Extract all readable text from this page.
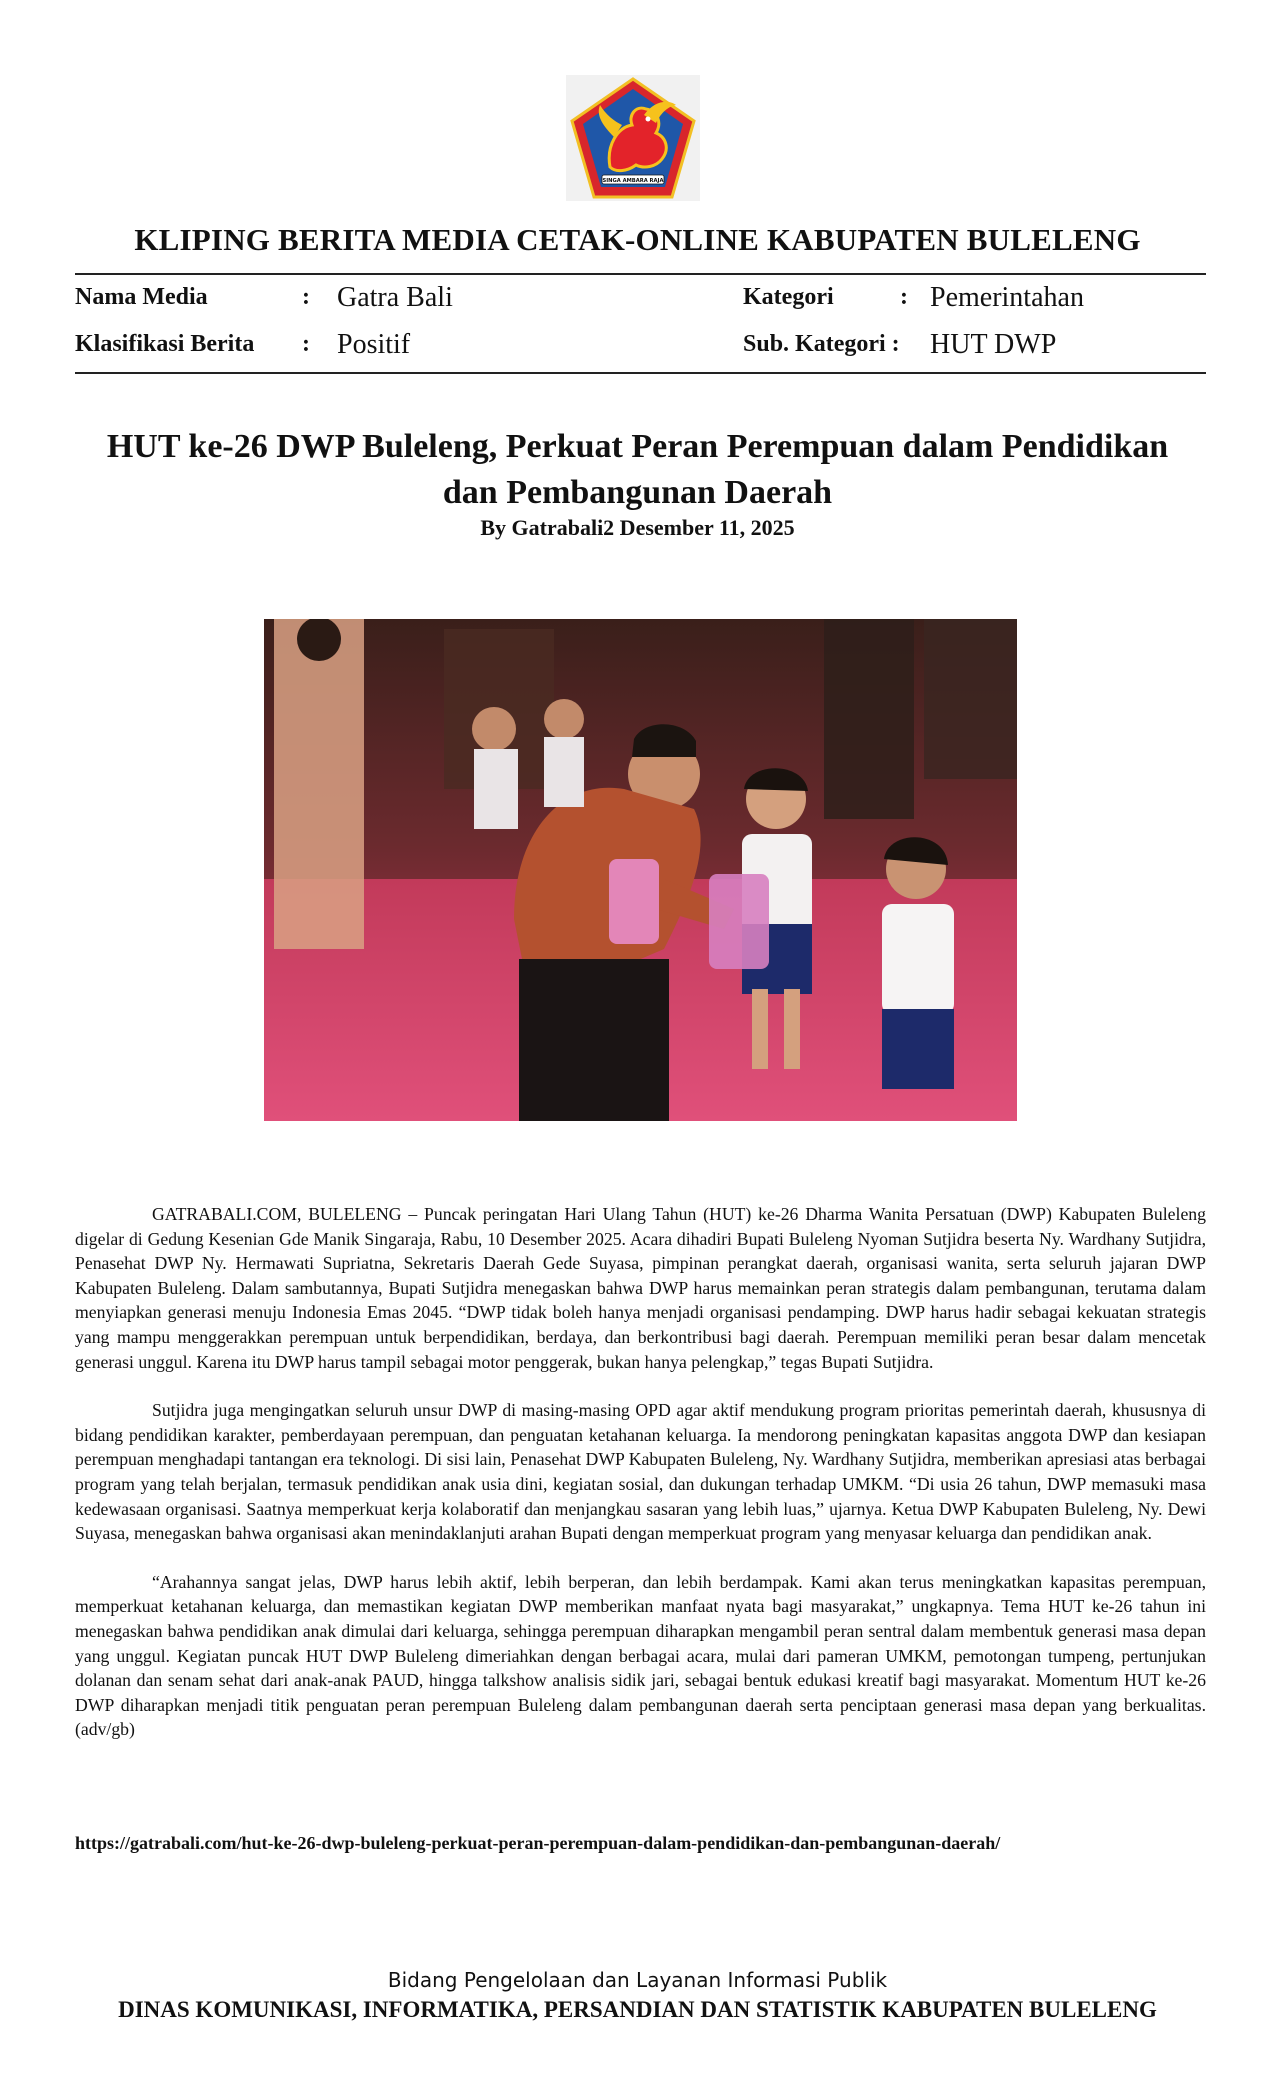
SINGA AMBARA RAJA
KLIPING BERITA MEDIA CETAK-ONLINE KABUPATEN BULELENG
Nama Media	: Gatra Bali	Kategori	: Pemerintahan
Klasifikasi Berita : Positif	Sub. Kategori : HUT DWP
HUT ke-26 DWP Buleleng, Perkuat Peran Perempuan dalam Pendidikan dan Pembangunan Daerah
By Gatrabali2 Desember 11, 2025

GATRABALI.COM, BULELENG – Puncak peringatan Hari Ulang Tahun (HUT) ke-26 Dharma Wanita Persatuan (DWP) Kabupaten Buleleng digelar di Gedung Kesenian Gde Manik Singaraja, Rabu, 10 Desember 2025. Acara dihadiri Bupati Buleleng Nyoman Sutjidra beserta Ny. Wardhany Sutjidra, Penasehat DWP Ny. Hermawati Supriatna, Sekretaris Daerah Gede Suyasa, pimpinan perangkat daerah, organisasi wanita, serta seluruh jajaran DWP Kabupaten Buleleng. Dalam sambutannya, Bupati Sutjidra menegaskan bahwa DWP harus memainkan peran strategis dalam pembangunan, terutama dalam menyiapkan generasi menuju Indonesia Emas 2045. “DWP tidak boleh hanya menjadi organisasi pendamping. DWP harus hadir sebagai kekuatan strategis yang mampu menggerakkan perempuan untuk berpendidikan, berdaya, dan berkontribusi bagi daerah. Perempuan memiliki peran besar dalam mencetak generasi unggul. Karena itu DWP harus tampil sebagai motor penggerak, bukan hanya pelengkap,” tegas Bupati Sutjidra.

Sutjidra juga mengingatkan seluruh unsur DWP di masing-masing OPD agar aktif mendukung program prioritas pemerintah daerah, khususnya di bidang pendidikan karakter, pemberdayaan perempuan, dan penguatan ketahanan keluarga. Ia mendorong peningkatan kapasitas anggota DWP dan kesiapan perempuan menghadapi tantangan era teknologi. Di sisi lain, Penasehat DWP Kabupaten Buleleng, Ny. Wardhany Sutjidra, memberikan apresiasi atas berbagai program yang telah berjalan, termasuk pendidikan anak usia dini, kegiatan sosial, dan dukungan terhadap UMKM. “Di usia 26 tahun, DWP memasuki masa kedewasaan organisasi. Saatnya memperkuat kerja kolaboratif dan menjangkau sasaran yang lebih luas,” ujarnya. Ketua DWP Kabupaten Buleleng, Ny. Dewi Suyasa, menegaskan bahwa organisasi akan menindaklanjuti arahan Bupati dengan memperkuat program yang menyasar keluarga dan pendidikan anak.

“Arahannya sangat jelas, DWP harus lebih aktif, lebih berperan, dan lebih berdampak. Kami akan terus meningkatkan kapasitas perempuan, memperkuat ketahanan keluarga, dan memastikan kegiatan DWP memberikan manfaat nyata bagi masyarakat,” ungkapnya. Tema HUT ke-26 tahun ini menegaskan bahwa pendidikan anak dimulai dari keluarga, sehingga perempuan diharapkan mengambil peran sentral dalam membentuk generasi masa depan yang unggul. Kegiatan puncak HUT DWP Buleleng dimeriahkan dengan berbagai acara, mulai dari pameran UMKM, pemotongan tumpeng, pertunjukan dolanan dan senam sehat dari anak-anak PAUD, hingga talkshow analisis sidik jari, sebagai bentuk edukasi kreatif bagi masyarakat. Momentum HUT ke-26 DWP diharapkan menjadi titik penguatan peran perempuan Buleleng dalam pembangunan daerah serta penciptaan generasi masa depan yang berkualitas. (adv/gb)

https://gatrabali.com/hut-ke-26-dwp-buleleng-perkuat-peran-perempuan-dalam-pendidikan-dan-pembangunan-daerah/
Bidang Pengelolaan dan Layanan Informasi Publik
DINAS KOMUNIKASI, INFORMATIKA, PERSANDIAN DAN STATISTIK KABUPATEN BULELENG
